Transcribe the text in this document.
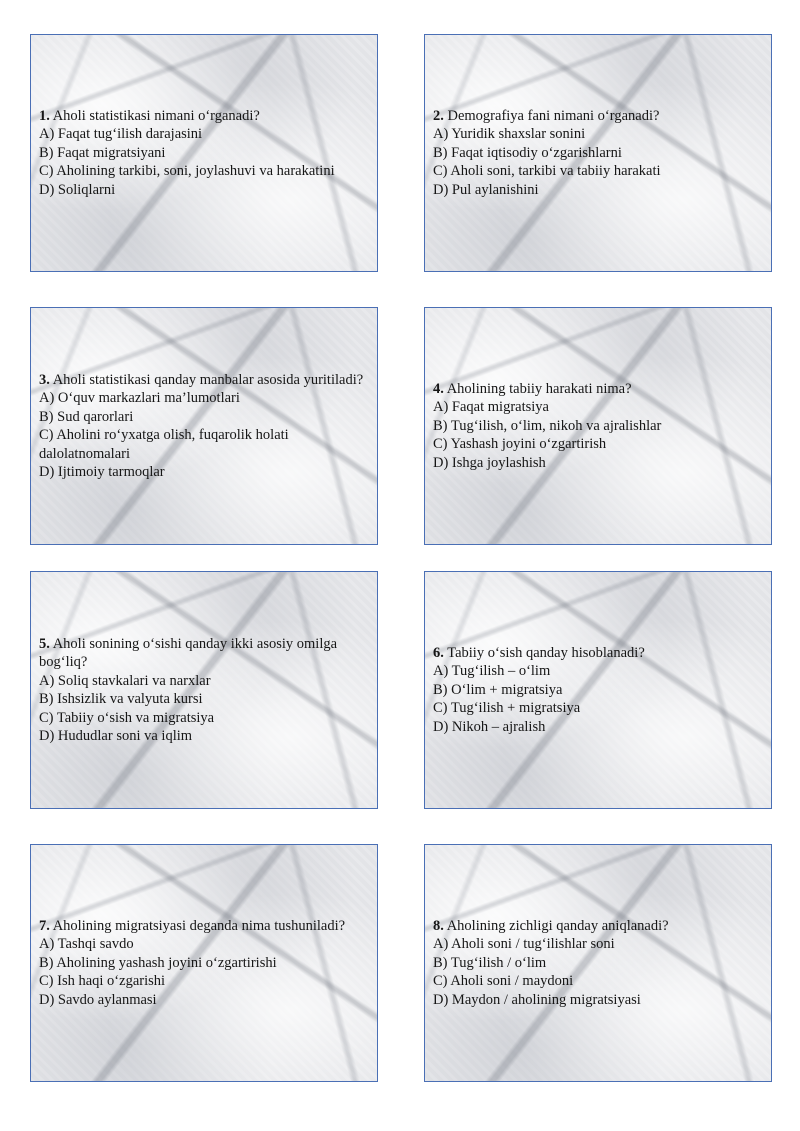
1. Aholi statistikasi nimani o‘rganadi?
A) Faqat tug‘ilish darajasini
B) Faqat migratsiyani
C) Aholining tarkibi, soni, joylashuvi va harakatini
D) Soliqlarni
2. Demografiya fani nimani o‘rganadi?
A) Yuridik shaxslar sonini
B) Faqat iqtisodiy o‘zgarishlarni
C) Aholi soni, tarkibi va tabiiy harakati
D) Pul aylanishini
3. Aholi statistikasi qanday manbalar asosida yuritiladi?
A) O‘quv markazlari ma’lumotlari
B) Sud qarorlari
C) Aholini ro‘yxatga olish, fuqarolik holati dalolatnomalari
D) Ijtimoiy tarmoqlar
4. Aholining tabiiy harakati nima?
A) Faqat migratsiya
B) Tug‘ilish, o‘lim, nikoh va ajralishlar
C) Yashash joyini o‘zgartirish
D) Ishga joylashish
5. Aholi sonining o‘sishi qanday ikki asosiy omilga bog‘liq?
A) Soliq stavkalari va narxlar
B) Ishsizlik va valyuta kursi
C) Tabiiy o‘sish va migratsiya
D) Hududlar soni va iqlim
6. Tabiiy o‘sish qanday hisoblanadi?
A) Tug‘ilish – o‘lim
B) O‘lim + migratsiya
C) Tug‘ilish + migratsiya
D) Nikoh – ajralish
7. Aholining migratsiyasi deganda nima tushuniladi?
A) Tashqi savdo
B) Aholining yashash joyini o‘zgartirishi
C) Ish haqi o‘zgarishi
D) Savdo aylanmasi
8. Aholining zichligi qanday aniqlanadi?
A) Aholi soni / tug‘ilishlar soni
B) Tug‘ilish / o‘lim
C) Aholi soni / maydoni
D) Maydon / aholining migratsiyasi
